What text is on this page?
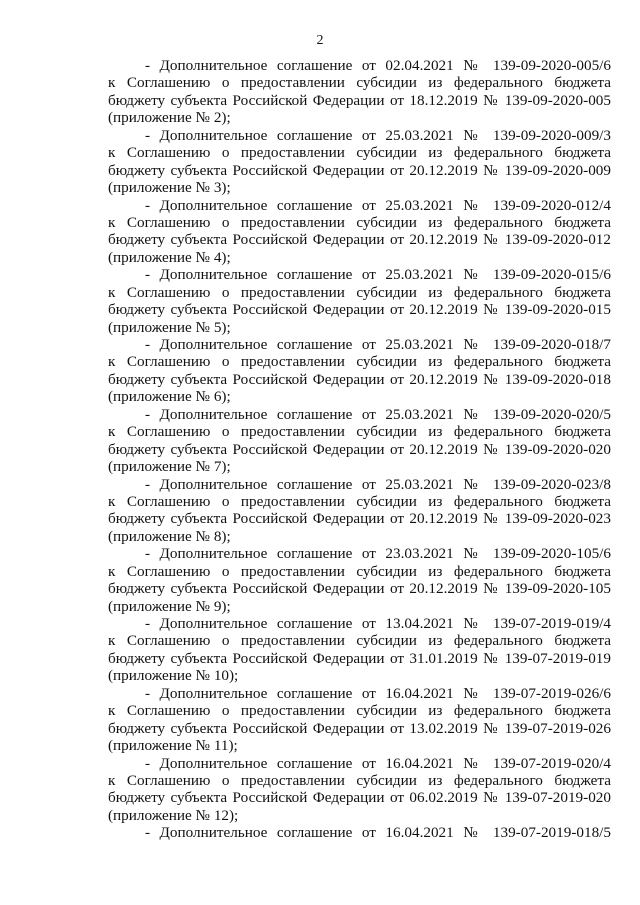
2
- Дополнительное соглашение от 02.04.2021 № 139-09-2020-005/6
к Соглашению о предоставлении субсидии из федерального бюджета
бюджету субъекта Российской Федерации от 18.12.2019 № 139-09-2020-005
(приложение № 2);
- Дополнительное соглашение от 25.03.2021 № 139-09-2020-009/3
к Соглашению о предоставлении субсидии из федерального бюджета
бюджету субъекта Российской Федерации от 20.12.2019 № 139-09-2020-009
(приложение № 3);
- Дополнительное соглашение от 25.03.2021 № 139-09-2020-012/4
к Соглашению о предоставлении субсидии из федерального бюджета
бюджету субъекта Российской Федерации от 20.12.2019 № 139-09-2020-012
(приложение № 4);
- Дополнительное соглашение от 25.03.2021 № 139-09-2020-015/6
к Соглашению о предоставлении субсидии из федерального бюджета
бюджету субъекта Российской Федерации от 20.12.2019 № 139-09-2020-015
(приложение № 5);
- Дополнительное соглашение от 25.03.2021 № 139-09-2020-018/7
к Соглашению о предоставлении субсидии из федерального бюджета
бюджету субъекта Российской Федерации от 20.12.2019 № 139-09-2020-018
(приложение № 6);
- Дополнительное соглашение от 25.03.2021 № 139-09-2020-020/5
к Соглашению о предоставлении субсидии из федерального бюджета
бюджету субъекта Российской Федерации от 20.12.2019 № 139-09-2020-020
(приложение № 7);
- Дополнительное соглашение от 25.03.2021 № 139-09-2020-023/8
к Соглашению о предоставлении субсидии из федерального бюджета
бюджету субъекта Российской Федерации от 20.12.2019 № 139-09-2020-023
(приложение № 8);
- Дополнительное соглашение от 23.03.2021 № 139-09-2020-105/6
к Соглашению о предоставлении субсидии из федерального бюджета
бюджету субъекта Российской Федерации от 20.12.2019 № 139-09-2020-105
(приложение № 9);
- Дополнительное соглашение от 13.04.2021 № 139-07-2019-019/4
к Соглашению о предоставлении субсидии из федерального бюджета
бюджету субъекта Российской Федерации от 31.01.2019 № 139-07-2019-019
(приложение № 10);
- Дополнительное соглашение от 16.04.2021 № 139-07-2019-026/6
к Соглашению о предоставлении субсидии из федерального бюджета
бюджету субъекта Российской Федерации от 13.02.2019 № 139-07-2019-026
(приложение № 11);
- Дополнительное соглашение от 16.04.2021 № 139-07-2019-020/4
к Соглашению о предоставлении субсидии из федерального бюджета
бюджету субъекта Российской Федерации от 06.02.2019 № 139-07-2019-020
(приложение № 12);
- Дополнительное соглашение от 16.04.2021 № 139-07-2019-018/5
